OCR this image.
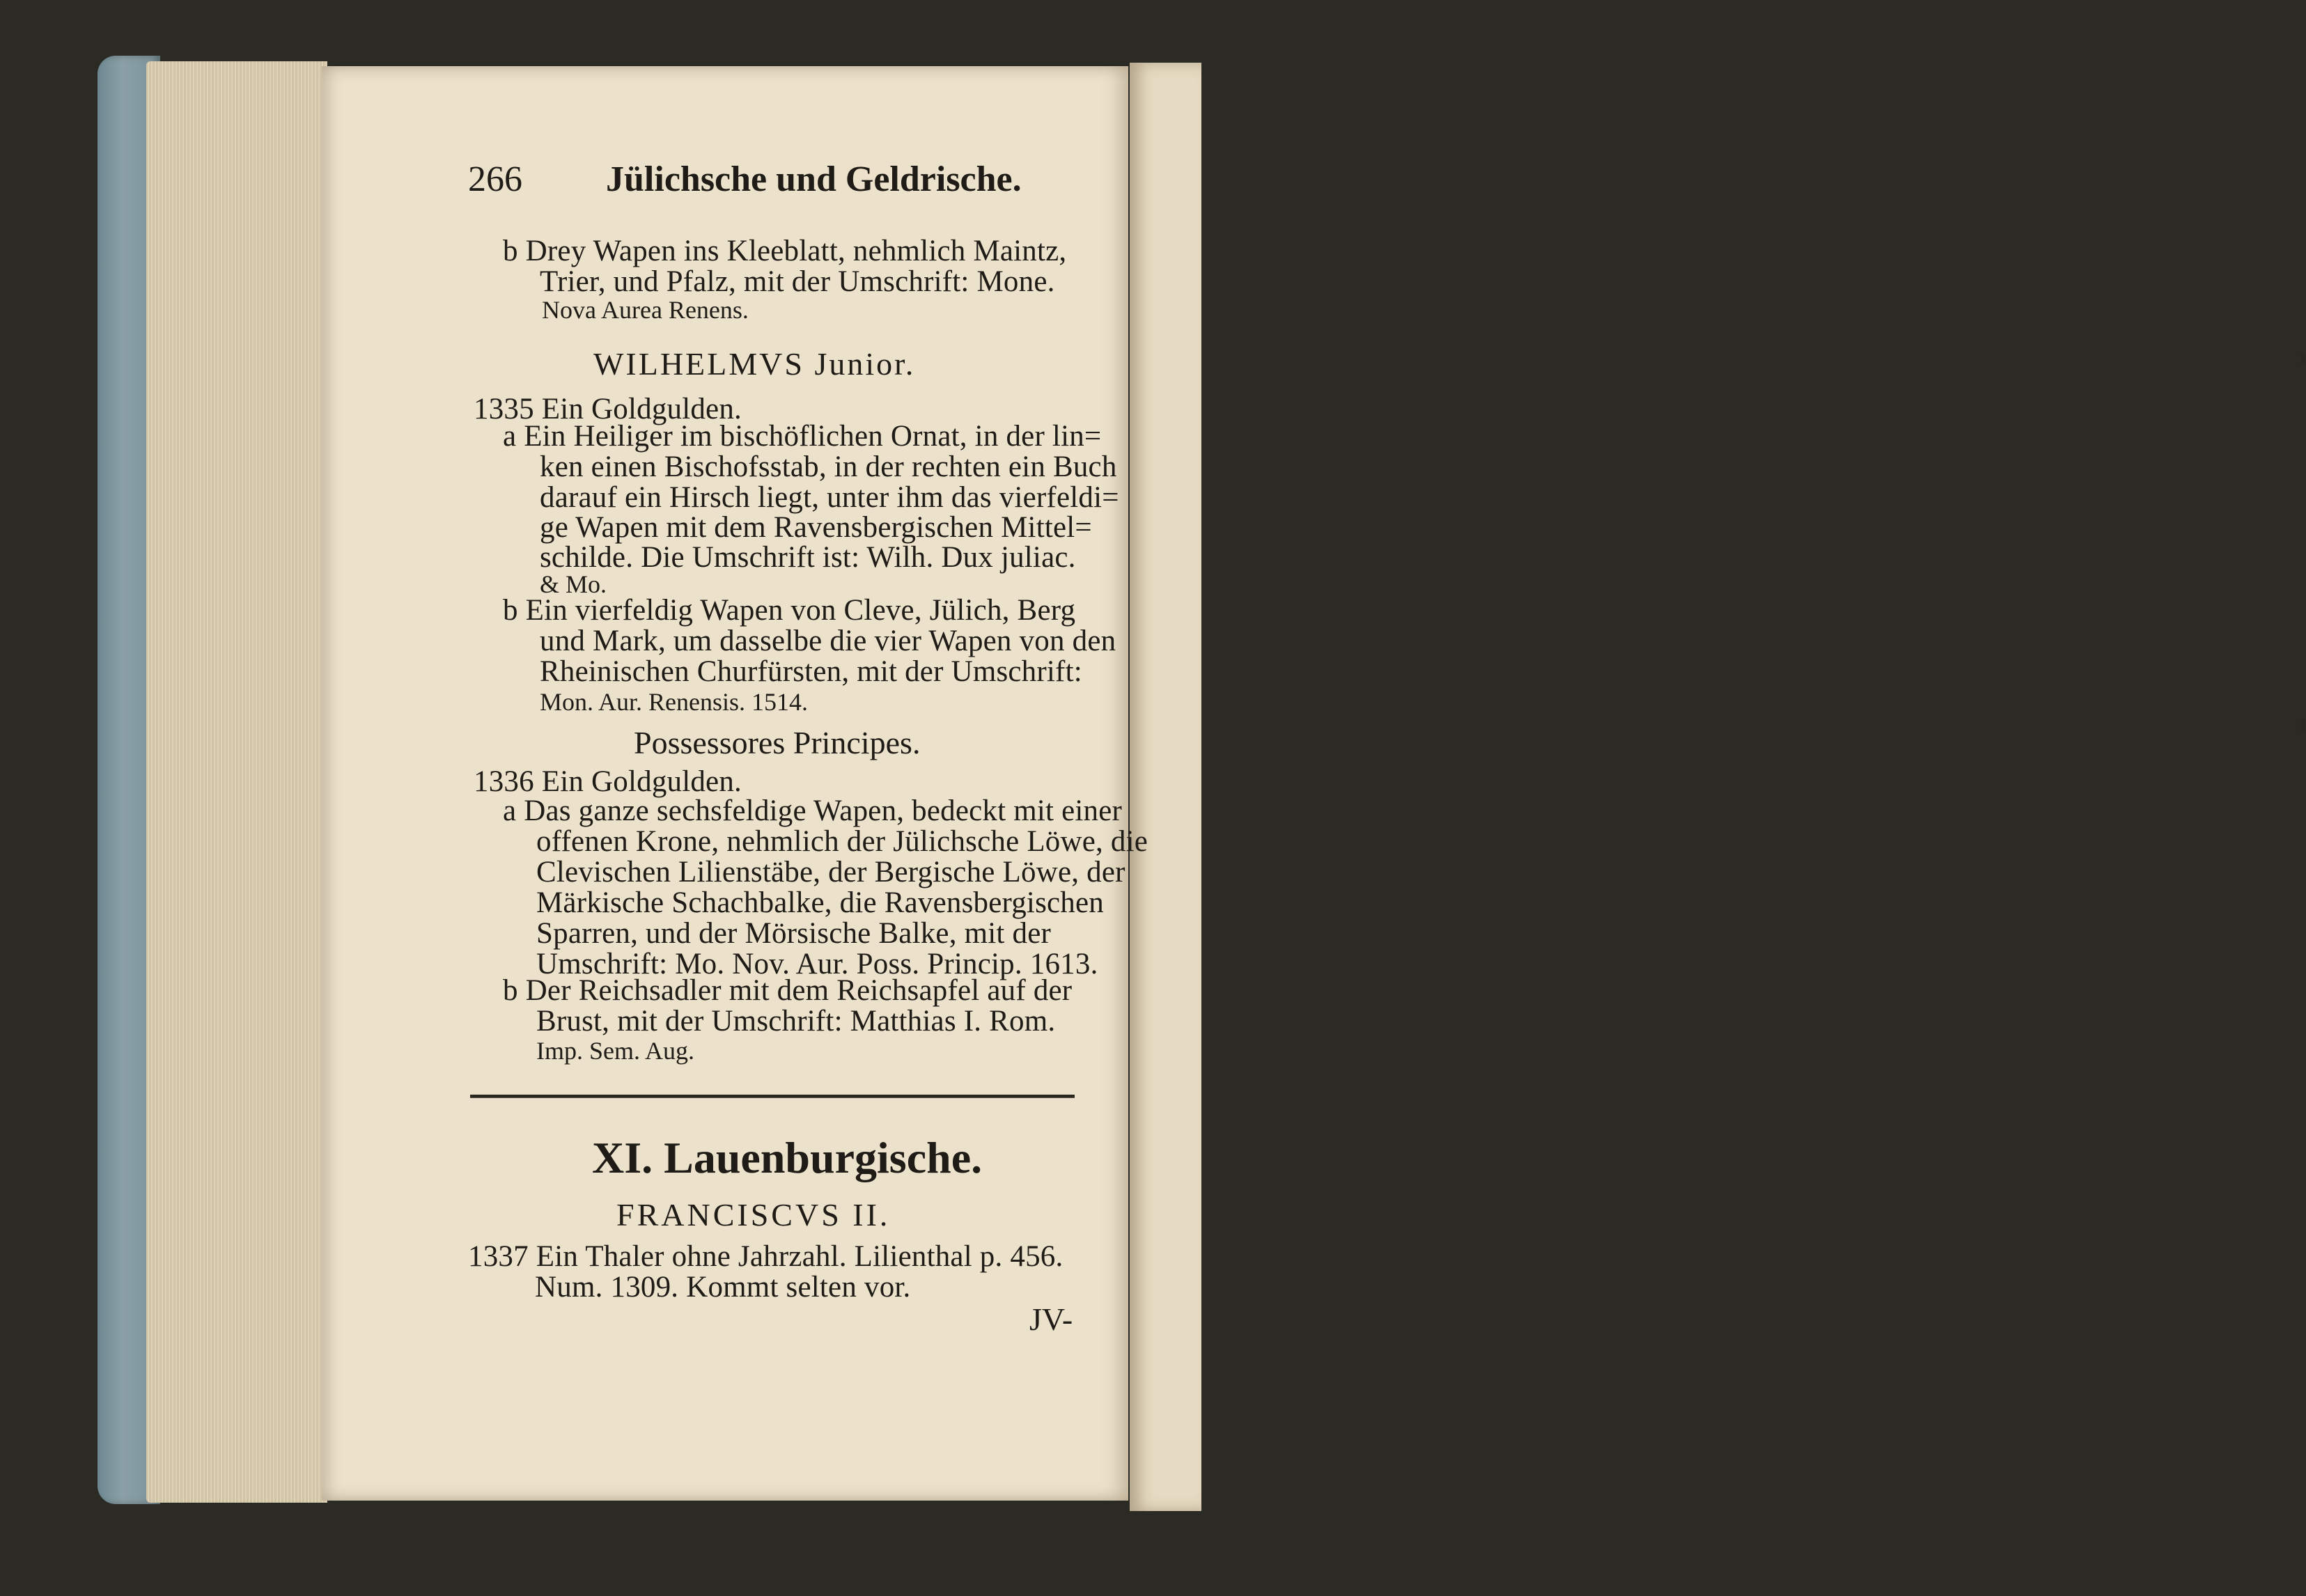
ı
ı

266 Jülichsche und Geldrische.

b Drey Wapen ins Kleeblatt, nehmlich Maintz,

Trier, und Pfalz, mit der Umschrift: Mone.

Nova Aurea Renens.

WILHELMVS Junior.

1335 Ein Goldgulden.

a Ein Heiliger im bischöflichen Ornat, in der lin=

ken einen Bischofsstab, in der rechten ein Buch

darauf ein Hirsch liegt, unter ihm das vierfeldi=

ge Wapen mit dem Ravensbergischen Mittel=

schilde. Die Umschrift ist: Wilh. Dux juliac.

& Mo.

b Ein vierfeldig Wapen von Cleve, Jülich, Berg

und Mark, um dasselbe die vier Wapen von den

Rheinischen Churfürsten, mit der Umschrift:

Mon. Aur. Renensis. 1514.

Possessores Principes.

1336 Ein Goldgulden.

a Das ganze sechsfeldige Wapen, bedeckt mit einer

offenen Krone, nehmlich der Jülichsche Löwe, die

Clevischen Lilienstäbe, der Bergische Löwe, der

Märkische Schachbalke, die Ravensbergischen

Sparren, und der Mörsische Balke, mit der

Umschrift: Mo. Nov. Aur. Poss. Princip. 1613.

b Der Reichsadler mit dem Reichsapfel auf der

Brust, mit der Umschrift: Matthias I. Rom.

Imp. Sem. Aug.

XI. Lauenburgische.

FRANCISCVS II.

1337 Ein Thaler ohne Jahrzahl. Lilienthal p. 456.

Num. 1309. Kommt selten vor.

JV-
